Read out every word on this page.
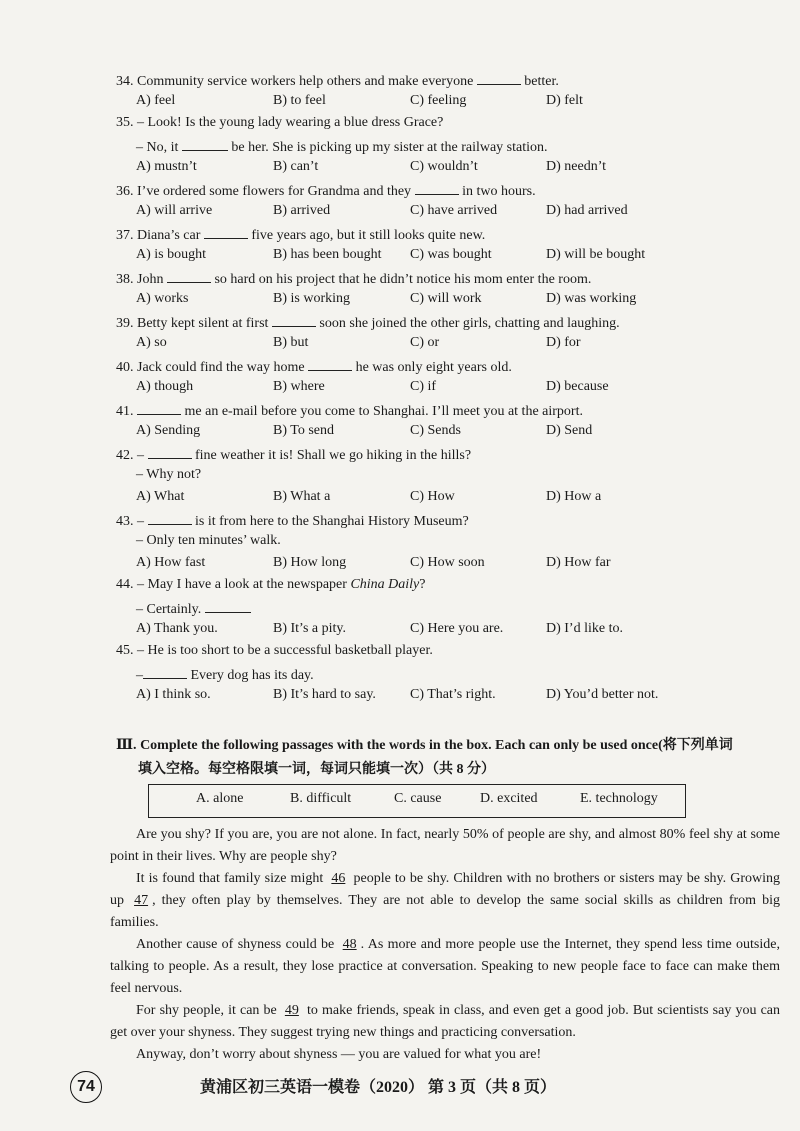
34. Community service workers help others and make everyone	better.
A) feel	B) to feel	C) feeling	D) felt
35. – Look! Is the young lady wearing a blue dress Grace?
– No, it	be her. She is picking up my sister at the railway station.
A) mustn’t	B) can’t	C) wouldn’t	D) needn’t
36. I’ve ordered some flowers for Grandma and they	in two hours.
A) will arrive	B) arrived	C) have arrived	D) had arrived
37. Diana’s car	five years ago, but it still looks quite new.
A) is bought	B) has been bought C) was bought	D) will be bought
38. John	so hard on his project that he didn’t notice his mom enter the room.
A) works	B) is working	C) will work	D) was working
39. Betty kept silent at first	soon she joined the other girls, chatting and laughing.
A) so	B) but	C) or	D) for
40. Jack could find the way home	he was only eight years old.
A) though	B) where	C) if	D) because
41.	me an e-mail before you come to Shanghai. I’ll meet you at the airport.
A) Sending	B) To send	C) Sends	D) Send
42. –	fine weather it is! Shall we go hiking in the hills?
– Why not?
A) What	B) What a	C) How	D) How a
43. –	is it from here to the Shanghai History Museum?
– Only ten minutes’ walk.
A) How fast	B) How long	C) How soon	D) How far
44. – May I have a look at the newspaper China Daily?
– Certainly.
A) Thank you.	B) It’s a pity.	C) Here you are.	D) I’d like to.
45. – He is too short to be a successful basketball player.
–	Every dog has its day.
A) I think so.	B) It’s hard to say. C) That’s right.	D) You’d better not.
Ⅲ. Complete the following passages with the words in the box. Each can only be used once(将下列单词
填入空格。每空格限填一词，每词只能填一次）（共 8 分）
A. alone	B. difficult	C. cause	D. excited	E. technology

Are you shy? If you are, you are not alone. In fact, nearly 50% of people are shy, and almost 80% feel shy at some point in their lives. Why are people shy?

It is found that family size might 46 people to be shy. Children with no brothers or sisters may be shy. Growing up 47 , they often play by themselves. They are not able to develop the same social skills as children from big families.

Another cause of shyness could be 48 . As more and more people use the Internet, they spend less time outside, talking to people. As a result, they lose practice at conversation. Speaking to new people face to face can make them feel nervous.

For shy people, it can be 49 to make friends, speak in class, and even get a good job. But scientists say you can get over your shyness. They suggest trying new things and practicing conversation.

Anyway, don’t worry about shyness — you are valued for what you are!

74	黄浦区初三英语一模卷（2020） 第 3 页（共 8 页）
